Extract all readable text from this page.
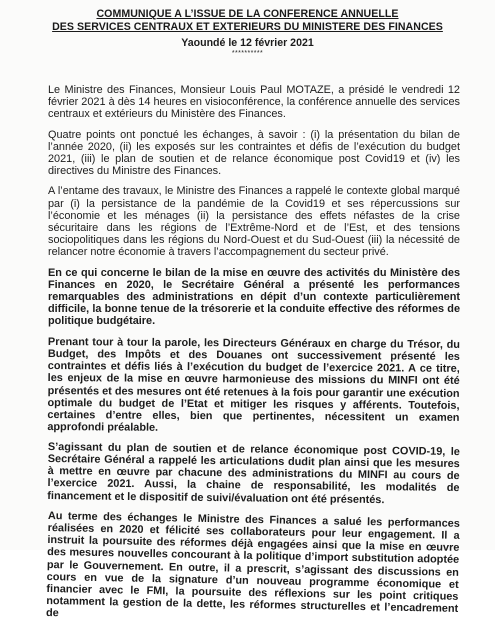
COMMUNIQUE A L’ISSUE DE LA CONFERENCE ANNUELLE
DES SERVICES CENTRAUX ET EXTERIEURS DU MINISTERE DES FINANCES
Yaoundé le 12 février 2021
**********

Le Ministre des Finances, Monsieur Louis Paul MOTAZE, a présidé le vendredi 12 février 2021 à dès 14 heures en visioconférence, la conférence annuelle des services centraux et extérieurs du Ministère des Finances.

Quatre points ont ponctué les échanges, à savoir : (i) la présentation du bilan de l’année 2020, (ii) les exposés sur les contraintes et défis de l’exécution du budget 2021, (iii) le plan de soutien et de relance économique post Covid19 et (iv) les directives du Ministre des Finances.

A l’entame des travaux, le Ministre des Finances a rappelé le contexte global marqué par (i) la persistance de la pandémie de la Covid19 et ses répercussions sur l’économie et les ménages (ii) la persistance des effets néfastes de la crise sécuritaire dans les régions de l’Extrême-Nord et de l’Est, et des tensions sociopolitiques dans les régions du Nord-Ouest et du Sud-Ouest (iii) la nécessité de relancer notre économie à travers l’accompagnement du secteur privé.

En ce qui concerne le bilan de la mise en œuvre des activités du Ministère des Finances en 2020, le Secrétaire Général a présenté les performances remarquables des administrations en dépit d’un contexte particulièrement difficile, la bonne tenue de la trésorerie et la conduite effective des réformes de politique budgétaire.

Prenant tour à tour la parole, les Directeurs Généraux en charge du Trésor, du Budget, des Impôts et des Douanes ont successivement présenté les contraintes et défis liés à l’exécution du budget de l’exercice 2021. A ce titre, les enjeux de la mise en œuvre harmonieuse des missions du MINFI ont été présentés et des mesures ont été retenues à la fois pour garantir une exécution optimale du budget de l’Etat et mitiger les risques y afférents. Toutefois, certaines d’entre elles, bien que pertinentes, nécessitent un examen approfondi préalable.

S’agissant du plan de soutien et de relance économique post COVID-19, le Secrétaire Général a rappelé les articulations dudit plan ainsi que les mesures à mettre en œuvre par chacune des administrations du MINFI au cours de l’exercice 2021. Aussi, la chaine de responsabilité, les modalités de financement et le dispositif de suivi/évaluation ont été présentés.

Au terme des échanges le Ministre des Finances a salué les performances réalisées en 2020 et félicité ses collaborateurs pour leur engagement. Il a instruit la poursuite des réformes déjà engagées ainsi que la mise en œuvre des mesures nouvelles concourant à la politique d’import substitution adoptée par le Gouvernement. En outre, il a prescrit, s’agissant des discussions en cours en vue de la signature d’un nouveau programme économique et financier avec le FMI, la poursuite des réflexions sur les point critiques notamment la gestion de la dette, les réformes structurelles et l’encadrement de
